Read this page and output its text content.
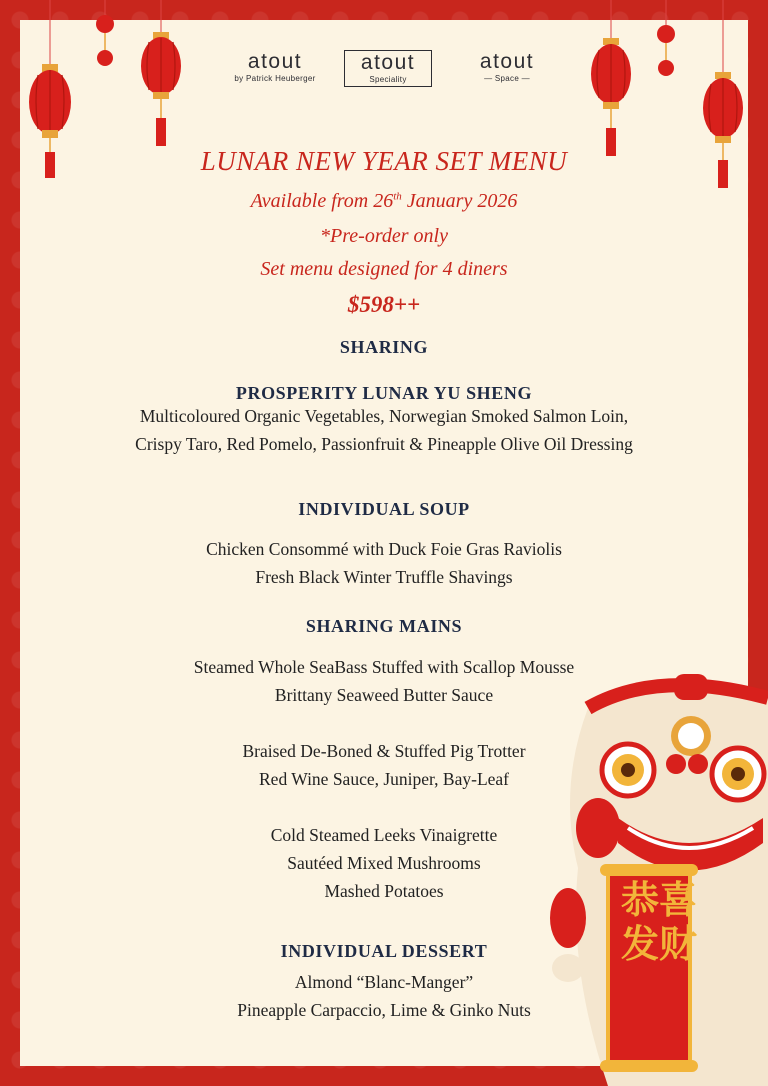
atout
by Patrick Heuberger
atout
Speciality
atout
— Space —
LUNAR NEW YEAR SET MENU
Available from 26th January 2026
*Pre-order only
Set menu designed for 4 diners
$598++
SHARING
PROSPERITY LUNAR YU SHENG
Multicoloured Organic Vegetables, Norwegian Smoked Salmon Loin,
Crispy Taro, Red Pomelo, Passionfruit & Pineapple Olive Oil Dressing
INDIVIDUAL SOUP
Chicken Consommé with Duck Foie Gras Raviolis
Fresh Black Winter Truffle Shavings
SHARING MAINS
Steamed Whole SeaBass Stuffed with Scallop Mousse
Brittany Seaweed Butter Sauce
Braised De-Boned & Stuffed Pig Trotter
Red Wine Sauce, Juniper, Bay-Leaf
Cold Steamed Leeks Vinaigrette
Sautéed Mixed Mushrooms
Mashed Potatoes
INDIVIDUAL DESSERT
Almond “Blanc-Manger”
Pineapple Carpaccio, Lime & Ginko Nuts
恭喜发财
